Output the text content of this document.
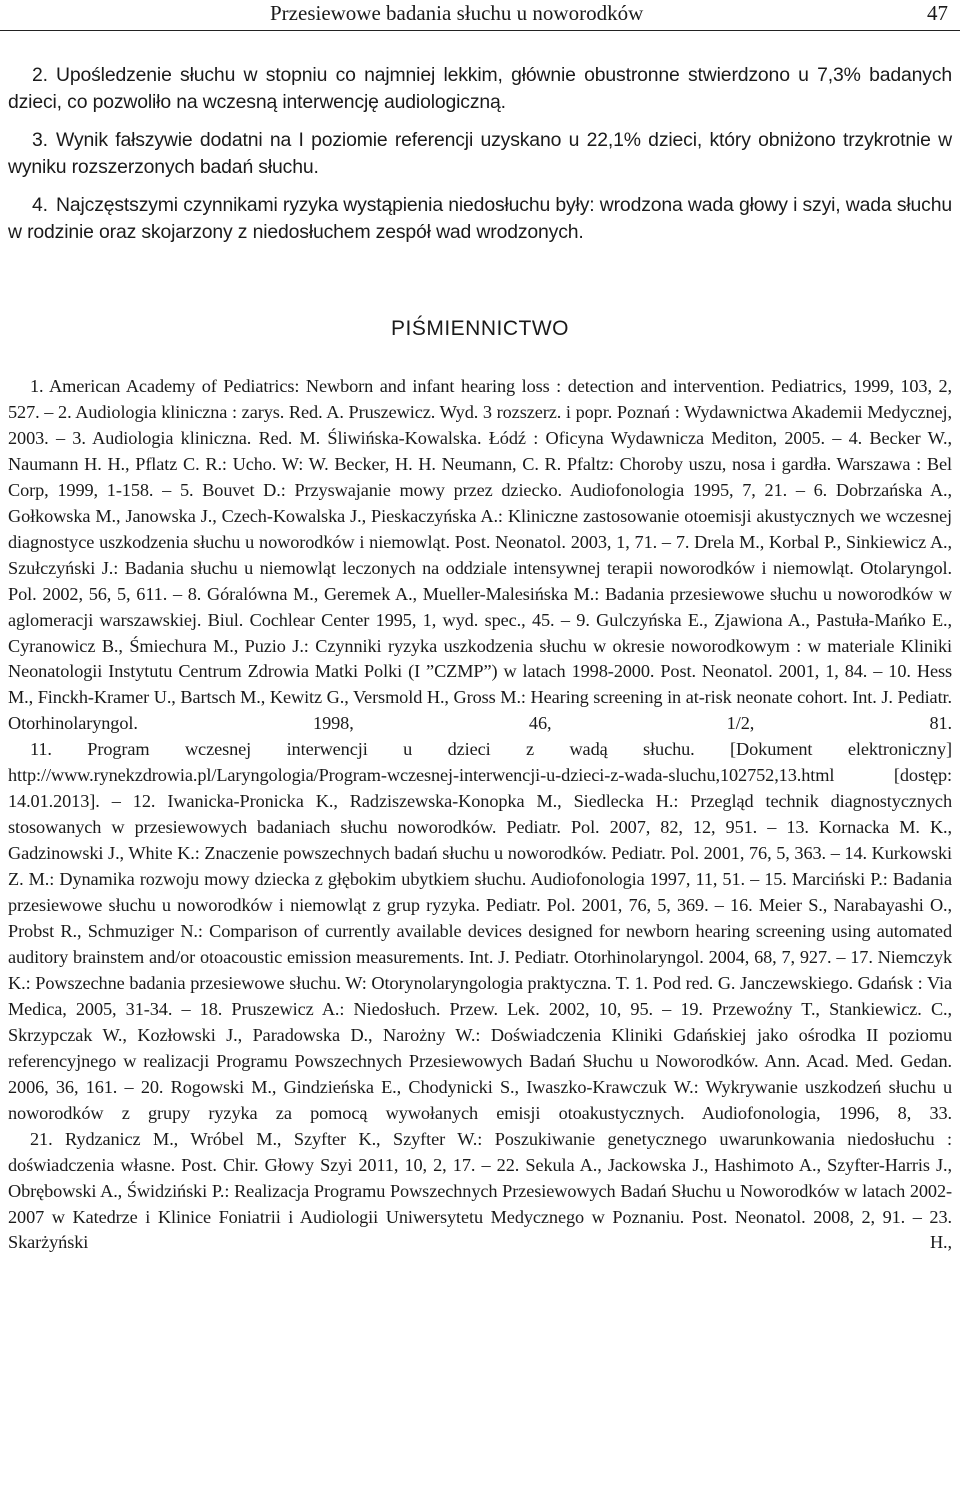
Przesiewowe badania słuchu u noworodków	47

2. Upośledzenie słuchu w stopniu co najmniej lekkim, głównie obustronne stwierdzono u 7,3% badanych dzieci, co pozwoliło na wczesną interwencję audiologiczną.

3. Wynik fałszywie dodatni na I poziomie referencji uzyskano u 22,1% dzieci, który obniżono trzykrotnie w wyniku rozszerzonych badań słuchu.

4. Najczęstszymi czynnikami ryzyka wystąpienia niedosłuchu były: wrodzona wada głowy i szyi, wada słuchu w rodzinie oraz skojarzony z niedosłuchem zespół wad wrodzonych.

PIŚMIENNICTWO

1. American Academy of Pediatrics: Newborn and infant hearing loss : detection and intervention. Pediatrics, 1999, 103, 2, 527. – 2. Audiologia kliniczna : zarys. Red. A. Pruszewicz. Wyd. 3 rozszerz. i popr. Poznań : Wydawnictwa Akademii Medycznej, 2003. – 3. Audiologia kliniczna. Red. M. Śliwińska-Kowalska. Łódź : Oficyna Wydawnicza Mediton, 2005. – 4. Becker W., Naumann H. H., Pflatz C. R.: Ucho. W: W. Becker, H. H. Neumann, C. R. Pfaltz: Choroby uszu, nosa i gardła. Warszawa : Bel Corp, 1999, 1-158. – 5. Bouvet D.: Przyswajanie mowy przez dziecko. Audiofonologia 1995, 7, 21. – 6. Dobrzańska A., Gołkowska M., Janowska J., Czech-Kowalska J., Pieskaczyńska A.: Kliniczne zastosowanie otoemisji akustycznych we wczesnej diagnostyce uszkodzenia słuchu u noworodków i niemowląt. Post. Neonatol. 2003, 1, 71. – 7. Drela M., Korbal P., Sinkiewicz A., Szułczyński J.: Badania słuchu u niemowląt leczonych na oddziale intensywnej terapii noworodków i niemowląt. Otolaryngol. Pol. 2002, 56, 5, 611. – 8. Góralówna M., Geremek A., Mueller-Malesińska M.: Badania przesiewowe słuchu u noworodków w aglomeracji warszawskiej. Biul. Cochlear Center 1995, 1, wyd. spec., 45. – 9. Gulczyńska E., Zjawiona A., Pastuła-Mańko E., Cyranowicz B., Śmiechura M., Puzio J.: Czynniki ryzyka uszkodzenia słuchu w okresie noworodkowym : w materiale Kliniki Neonatologii Instytutu Centrum Zdrowia Matki Polki (I ”CZMP”) w latach 1998-2000. Post. Neonatol. 2001, 1, 84. – 10. Hess M., Finckh-Kramer U., Bartsch M., Kewitz G., Versmold H., Gross M.: Hearing screening in at-risk neonate cohort. Int. J. Pediatr. Otorhinolaryngol. 1998, 46, 1/2, 81.

11. Program wczesnej interwencji u dzieci z wadą słuchu. [Dokument elektroniczny] http://www.rynekzdrowia.pl/Laryngologia/Program-wczesnej-interwencji-u-dzieci-z-wada-sluchu,102752,13.html [dostęp: 14.01.2013]. – 12. Iwanicka-Pronicka K., Radziszewska-Konopka M., Siedlecka H.: Przegląd technik diagnostycznych stosowanych w przesiewowych badaniach słuchu noworodków. Pediatr. Pol. 2007, 82, 12, 951. – 13. Kornacka M. K., Gadzinowski J., White K.: Znaczenie powszechnych badań słuchu u noworodków. Pediatr. Pol. 2001, 76, 5, 363. – 14. Kurkowski Z. M.: Dynamika rozwoju mowy dziecka z głębokim ubytkiem słuchu. Audiofonologia 1997, 11, 51. – 15. Marciński P.: Badania przesiewowe słuchu u noworodków i niemowląt z grup ryzyka. Pediatr. Pol. 2001, 76, 5, 369. – 16. Meier S., Narabayashi O., Probst R., Schmuziger N.: Comparison of currently available devices designed for newborn hearing screening using automated auditory brainstem and/or otoacoustic emission measurements. Int. J. Pediatr. Otorhinolaryngol. 2004, 68, 7, 927. – 17. Niemczyk K.: Powszechne badania przesiewowe słuchu. W: Otorynolaryngologia praktyczna. T. 1. Pod red. G. Janczewskiego. Gdańsk : Via Medica, 2005, 31-34. – 18. Pruszewicz A.: Niedosłuch. Przew. Lek. 2002, 10, 95. – 19. Przewoźny T., Stankiewicz. C., Skrzypczak W., Kozłowski J., Paradowska D., Narożny W.: Doświadczenia Kliniki Gdańskiej jako ośrodka II poziomu referencyjnego w realizacji Programu Powszechnych Przesiewowych Badań Słuchu u Noworodków. Ann. Acad. Med. Gedan. 2006, 36, 161. – 20. Rogowski M., Gindzieńska E., Chodynicki S., Iwaszko-Krawczuk W.: Wykrywanie uszkodzeń słuchu u noworodków z grupy ryzyka za pomocą wywołanych emisji otoakustycznych. Audiofonologia, 1996, 8, 33.

21. Rydzanicz M., Wróbel M., Szyfter K., Szyfter W.: Poszukiwanie genetycznego uwarunkowania niedosłuchu : doświadczenia własne. Post. Chir. Głowy Szyi 2011, 10, 2, 17. – 22. Sekula A., Jackowska J., Hashimoto A., Szyfter-Harris J., Obrębowski A., Świdziński P.: Realizacja Programu Powszechnych Przesiewowych Badań Słuchu u Noworodków w latach 2002-2007 w Katedrze i Klinice Foniatrii i Audiologii Uniwersytetu Medycznego w Poznaniu. Post. Neonatol. 2008, 2, 91. – 23. Skarżyński H.,
